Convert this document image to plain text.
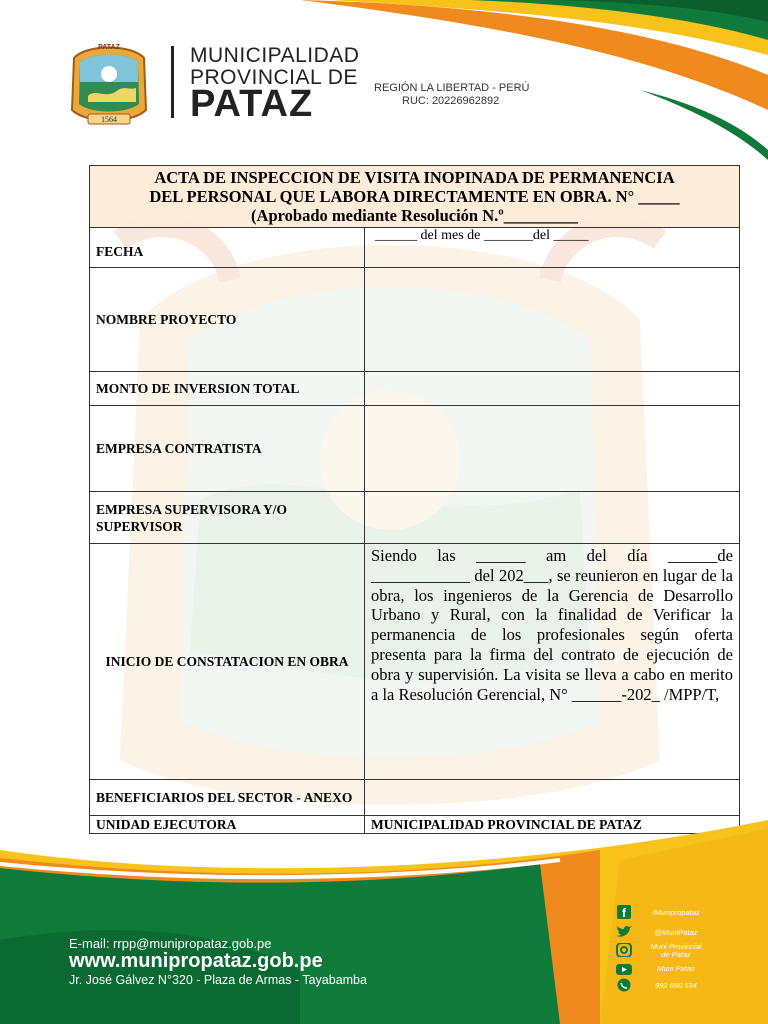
1564
PATAZ	MUNICIPALIDAD
PROVINCIAL DE
PATAZ	REGIÓN LA LIBERTAD - PERÚ
RUC: 20226962892
ACTA DE INSPECCION DE VISITA INOPINADA DE PERMANENCIA
DEL PERSONAL QUE LABORA DIRECTAMENTE EN OBRA. N° _____
(Aprobado mediante Resolución N.º_________	

FECHA	______ del mes de _______del _____
NOMBRE PROYECTO	
MONTO DE INVERSION TOTAL	
EMPRESA CONTRATISTA	
EMPRESA SUPERVISORA Y/O SUPERVISOR	
INICIO DE CONSTATACION EN OBRA	Siendo las ______ am del día ______de ____________ del 202___, se reunieron en lugar de la obra, los ingenieros de la Gerencia de Desarrollo Urbano y Rural, con la finalidad de Verificar la permanencia de los profesionales según oferta presenta para la firma del contrato de ejecución de obra y supervisión. La visita se lleva a cabo en merito a la Resolución Gerencial, N° ______-202_ /MPP/T,
BENEFICIARIOS DEL SECTOR - ANEXO	
UNIDAD EJECUTORA	MUNICIPALIDAD PROVINCIAL DE PATAZ
E-mail: rrpp@munipropataz.gob.pe
www.munipropataz.gob.pe
Jr. José Gálvez N°320 - Plaza de Armas - Tayabamba
f	/Munipropataz
@MuniPataz
Muni Provincial
de Pataz
Muni Pataz
992 690 534
